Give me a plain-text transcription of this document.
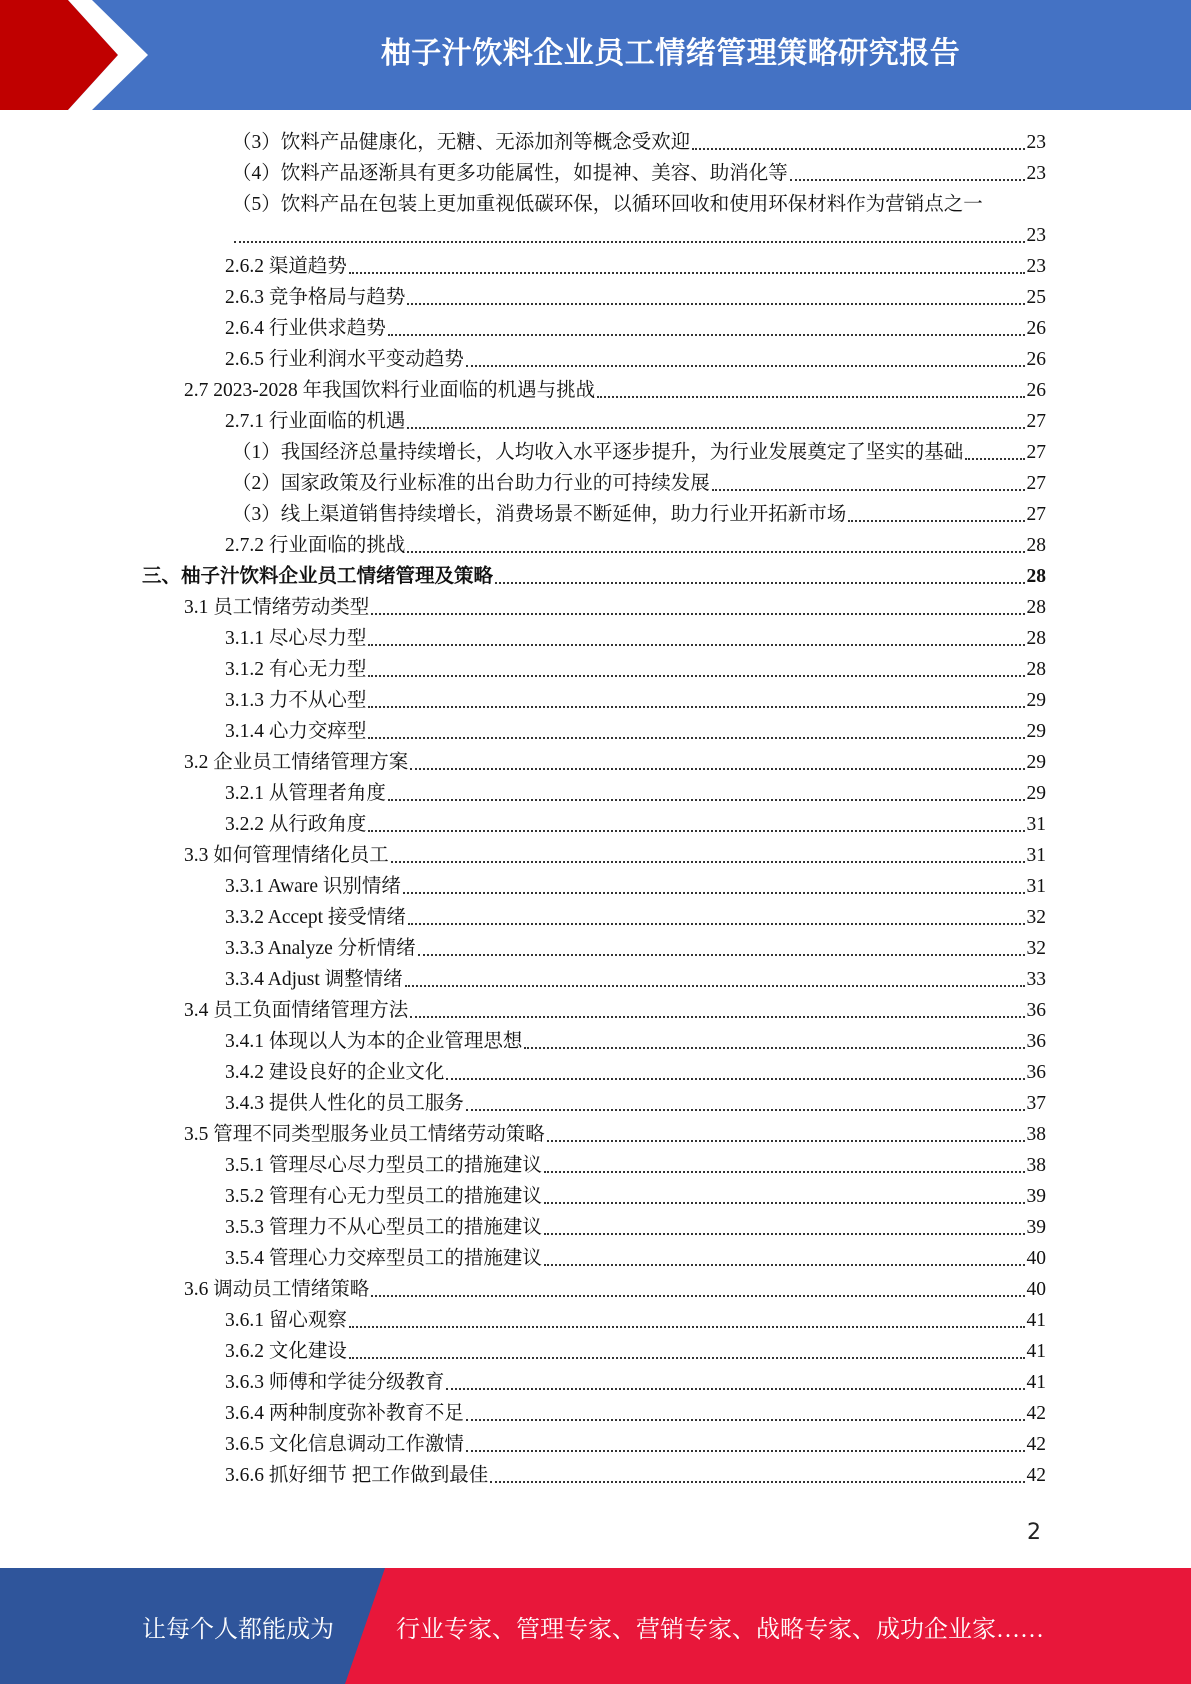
柚子汁饮料企业员工情绪管理策略研究报告
（3）饮料产品健康化，无糖、无添加剂等概念受欢迎	23
（4）饮料产品逐渐具有更多功能属性，如提神、美容、助消化等	23
（5）饮料产品在包装上更加重视低碳环保，以循环回收和使用环保材料作为营销点之一
23
2.6.2 渠道趋势	23
2.6.3 竞争格局与趋势	25
2.6.4 行业供求趋势	26
2.6.5 行业利润水平变动趋势	26
2.7 2023-2028 年我国饮料行业面临的机遇与挑战	26
2.7.1 行业面临的机遇	27
（1）我国经济总量持续增长，人均收入水平逐步提升，为行业发展奠定了坚实的基础	27
（2）国家政策及行业标准的出台助力行业的可持续发展	27
（3）线上渠道销售持续增长，消费场景不断延伸，助力行业开拓新市场	27
2.7.2 行业面临的挑战	28
三、柚子汁饮料企业员工情绪管理及策略	28
3.1 员工情绪劳动类型	28
3.1.1 尽心尽力型	28
3.1.2 有心无力型	28
3.1.3 力不从心型	29
3.1.4 心力交瘁型	29
3.2 企业员工情绪管理方案	29
3.2.1 从管理者角度	29
3.2.2 从行政角度	31
3.3 如何管理情绪化员工	31
3.3.1 Aware 识别情绪	31
3.3.2 Accept 接受情绪	32
3.3.3 Analyze 分析情绪	32
3.3.4 Adjust 调整情绪	33
3.4 员工负面情绪管理方法	36
3.4.1 体现以人为本的企业管理思想	36
3.4.2 建设良好的企业文化	36
3.4.3 提供人性化的员工服务	37
3.5 管理不同类型服务业员工情绪劳动策略	38
3.5.1 管理尽心尽力型员工的措施建议	38
3.5.2 管理有心无力型员工的措施建议	39
3.5.3 管理力不从心型员工的措施建议	39
3.5.4 管理心力交瘁型员工的措施建议	40
3.6 调动员工情绪策略	40
3.6.1 留心观察	41
3.6.2 文化建设	41
3.6.3 师傅和学徒分级教育	41
3.6.4 两种制度弥补教育不足	42
3.6.5 文化信息调动工作激情	42
3.6.6 抓好细节 把工作做到最佳	42
2
让每个人都能成为	行业专家、管理专家、营销专家、战略专家、成功企业家……
